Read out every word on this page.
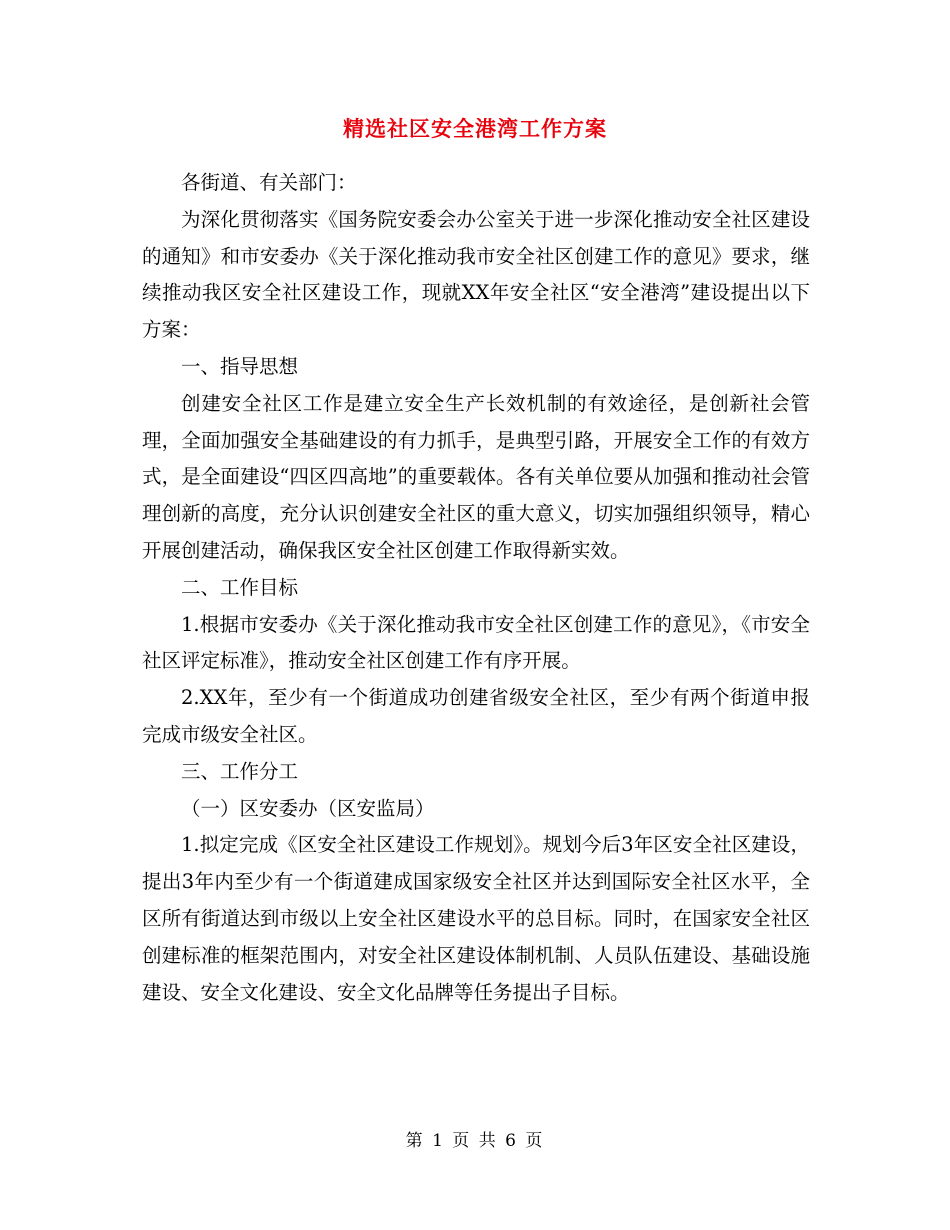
精选社区安全港湾工作方案

各街道、有关部门：

为深化贯彻落实《国务院安委会办公室关于进一步深化推动安全社区建设的通知》和市安委办《关于深化推动我市安全社区创建工作的意见》要求，继续推动我区安全社区建设工作，现就XX年安全社区“安全港湾”建设提出以下方案：

一、指导思想

创建安全社区工作是建立安全生产长效机制的有效途径，是创新社会管理，全面加强安全基础建设的有力抓手，是典型引路，开展安全工作的有效方式，是全面建设“四区四高地”的重要载体。各有关单位要从加强和推动社会管理创新的高度，充分认识创建安全社区的重大意义，切实加强组织领导，精心开展创建活动，确保我区安全社区创建工作取得新实效。

二、工作目标

1.根据市安委办《关于深化推动我市安全社区创建工作的意见》，《市安全社区评定标准》，推动安全社区创建工作有序开展。

2.XX年，至少有一个街道成功创建省级安全社区，至少有两个街道申报完成市级安全社区。

三、工作分工

（一）区安委办（区安监局）

1.拟定完成《区安全社区建设工作规划》。规划今后3年区安全社区建设，提出3年内至少有一个街道建成国家级安全社区并达到国际安全社区水平，全区所有街道达到市级以上安全社区建设水平的总目标。同时，在国家安全社区创建标准的框架范围内，对安全社区建设体制机制、人员队伍建设、基础设施建设、安全文化建设、安全文化品牌等任务提出子目标。

第 1 页 共 6 页
